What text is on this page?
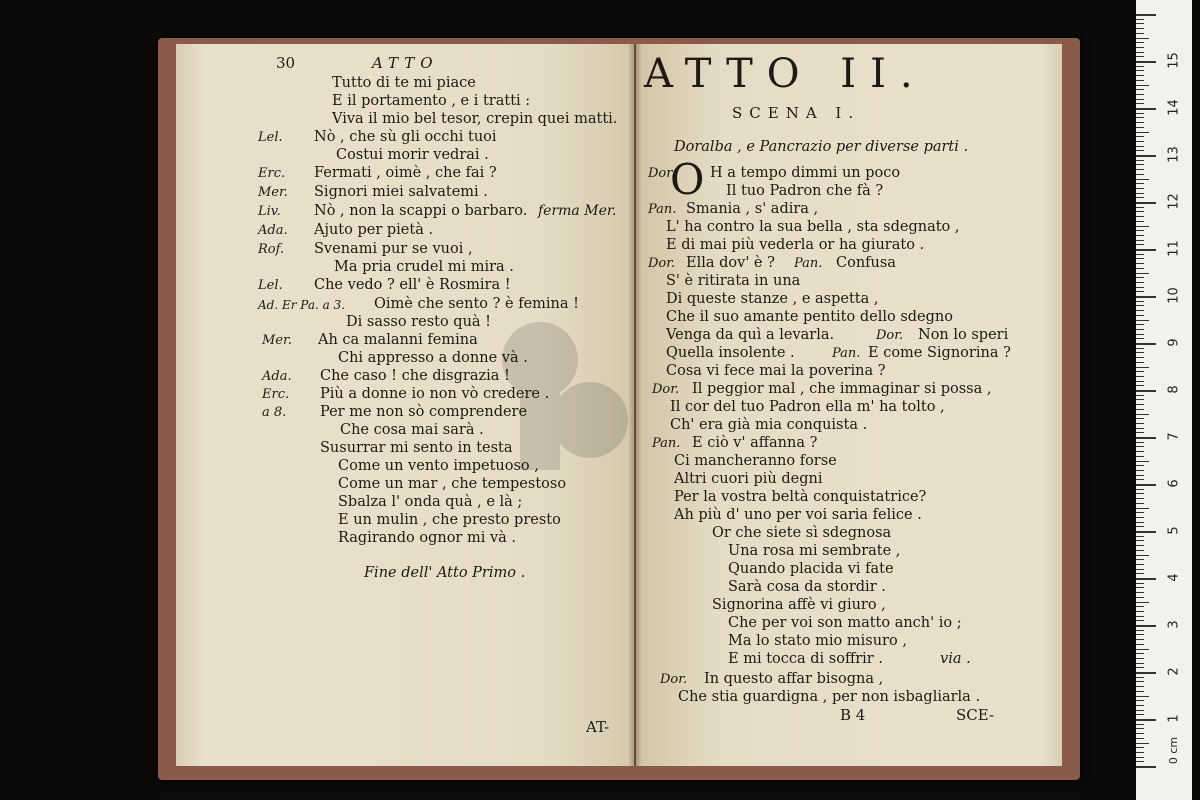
30	ATTO
Tutto di te mi piace
E il portamento , e i tratti :
Viva il mio bel tesor, crepin quei matti.
Lel. Nò , che sù gli occhi tuoi
Costui morir vedrai .
Erc. Fermati , oimè , che fai ?
Mer. Signori miei salvatemi .
Liv. Nò , non la scappi o barbaro. ferma Mer.
Ada. Ajuto per pietà .
Rof. Svenami pur se vuoi ,
Ma pria crudel mi mira .
Lel. Che vedo ? ell' è Rosmira !
Ad. Er Pa. a 3. Oimè che sento ? è femina !
Di sasso resto quà !
Mer. Ah ca malanni femina
Chi appresso a donne và .
Ada. Che caso ! che disgrazia !
Erc. Più a donne io non vò credere .
a 8. Per me non sò comprendere
Che cosa mai sarà .
Susurrar mi sento in testa
Come un vento impetuoso ,
Come un mar , che tempestoso
Sbalza l' onda quà , e là ;
E un mulin , che presto presto
Ragirando ognor mi và .
Fine dell' Atto Primo .
AT-
ATTO II.
SCENA I.
Doralba , e Pancrazio per diverse parti .
O
Dor. H a tempo dimmi un poco
Il tuo Padron che fà ?
Pan. Smania , s' adira ,
L' ha contro la sua bella , sta sdegnato ,
E di mai più vederla or ha giurato .
Dor. Ella dov' è ? Pan. Confusa
S' è ritirata in una
Di queste stanze , e aspetta ,
Che il suo amante pentito dello sdegno
Venga da quì a levarla.	Dor. Non lo speri
Quella insolente .	Pan. E come Signorina ?
Cosa vi fece mai la poverina ?
Dor. Il peggior mal , che immaginar si possa ,
Il cor del tuo Padron ella m' ha tolto ,
Ch' era già mia conquista .
Pan. E ciò v' affanna ?
Ci mancheranno forse
Altri cuori più degni
Per la vostra beltà conquistatrice?
Ah più d' uno per voi saria felice .
Or che siete sì sdegnosa
Una rosa mi sembrate ,
Quando placida vi fate
Sarà cosa da stordir .
Signorina affè vi giuro ,
Che per voi son matto anch' io ;
Ma lo stato mio misuro ,
E mi tocca di soffrir .	via .
Dor. In questo affar bisogna ,
Che stia guardigna , per non isbagliarla .
B 4	SCE-
0 cm
1
2
3
4
5
6
7
8
9
10
11
12
13
14
15
